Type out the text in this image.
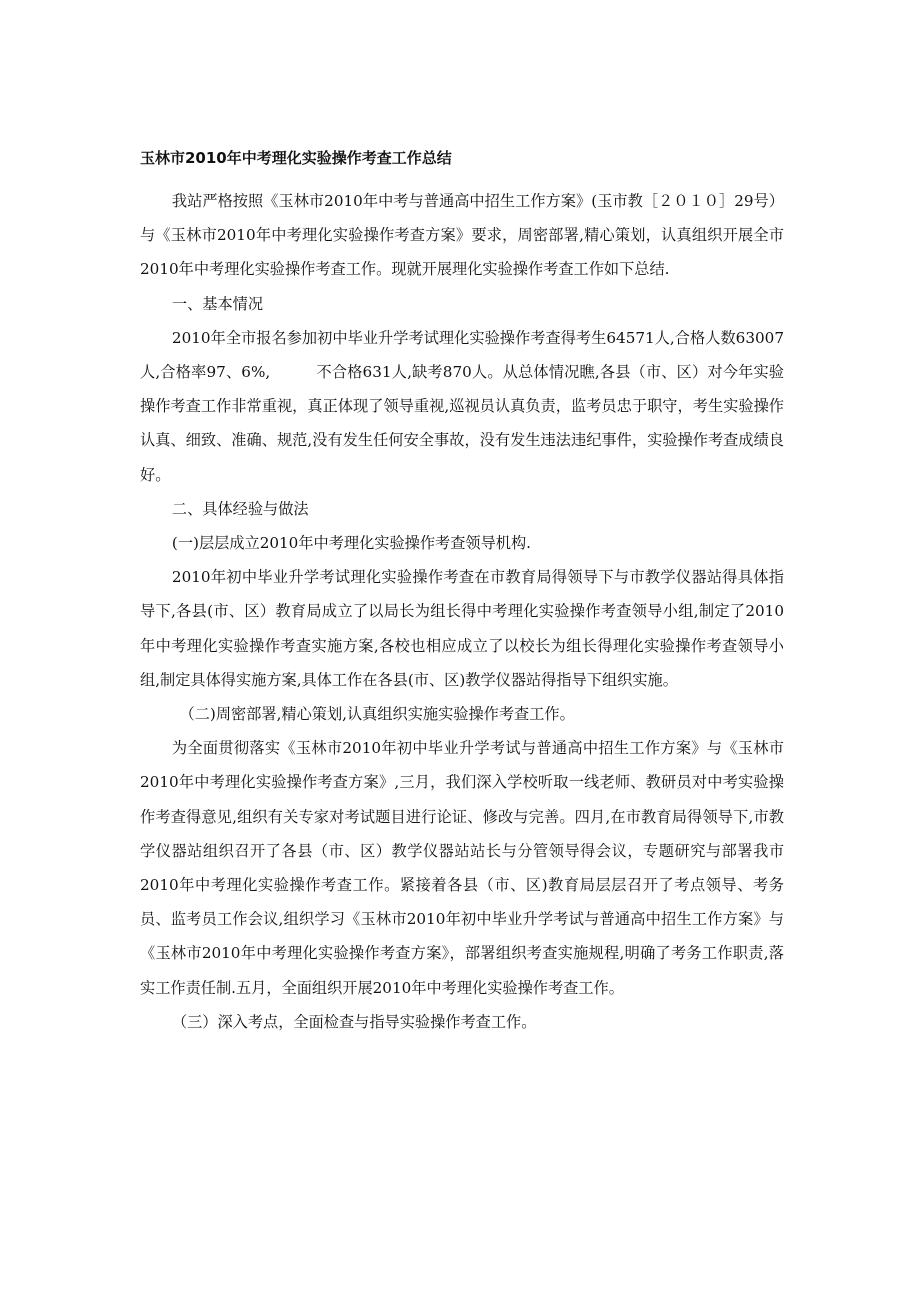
玉林市2010年中考理化实验操作考查工作总结

我站严格按照《玉林市2010年中考与普通高中招生工作方案》(玉市教［２０１０］29号）与《玉林市2010年中考理化实验操作考查方案》要求，周密部署,精心策划，认真组织开展全市2010年中考理化实验操作考查工作。现就开展理化实验操作考查工作如下总结.

一、基本情况

2010年全市报名参加初中毕业升学考试理化实验操作考查得考生64571人,合格人数63007人,合格率97、6%,　　　不合格631人,缺考870人。从总体情况瞧,各县（市、区）对今年实验操作考查工作非常重视，真正体现了领导重视,巡视员认真负责，监考员忠于职守，考生实验操作认真、细致、准确、规范,没有发生任何安全事故，没有发生违法违纪事件，实验操作考查成绩良好。

二、具体经验与做法

(一)层层成立2010年中考理化实验操作考查领导机构.

2010年初中毕业升学考试理化实验操作考查在市教育局得领导下与市教学仪器站得具体指导下,各县(市、区）教育局成立了以局长为组长得中考理化实验操作考查领导小组,制定了2010年中考理化实验操作考查实施方案,各校也相应成立了以校长为组长得理化实验操作考查领导小组,制定具体得实施方案,具体工作在各县(市、区)教学仪器站得指导下组织实施。

（二)周密部署,精心策划,认真组织实施实验操作考查工作。

为全面贯彻落实《玉林市2010年初中毕业升学考试与普通高中招生工作方案》与《玉林市2010年中考理化实验操作考查方案》,三月，我们深入学校听取一线老师、教研员对中考实验操作考查得意见,组织有关专家对考试题目进行论证、修改与完善。四月,在市教育局得领导下,市教学仪器站组织召开了各县（市、区）教学仪器站站长与分管领导得会议，专题研究与部署我市2010年中考理化实验操作考查工作。紧接着各县（市、区)教育局层层召开了考点领导、考务员、监考员工作会议,组织学习《玉林市2010年初中毕业升学考试与普通高中招生工作方案》与《玉林市2010年中考理化实验操作考查方案》，部署组织考查实施规程,明确了考务工作职责,落实工作责任制.五月，全面组织开展2010年中考理化实验操作考查工作。

（三）深入考点，全面检查与指导实验操作考查工作。
